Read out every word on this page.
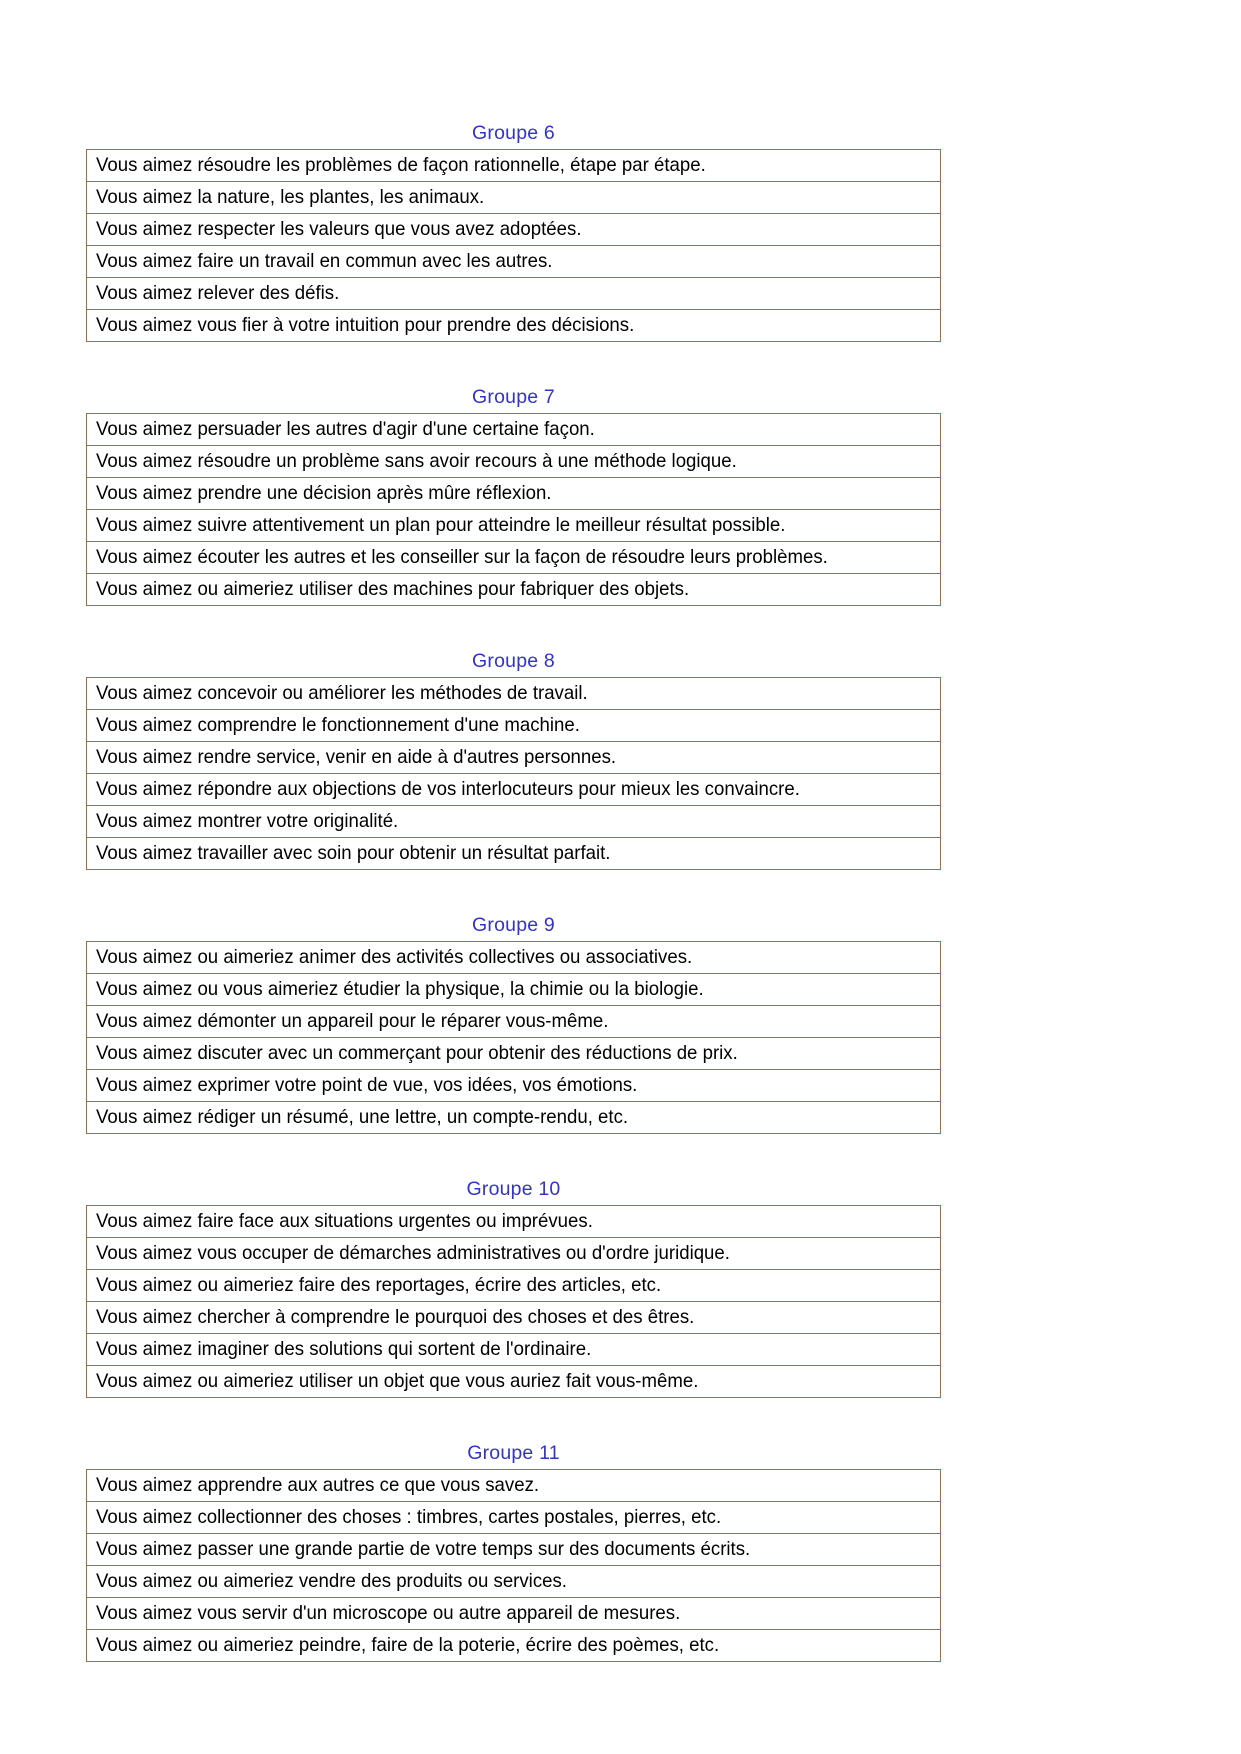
Groupe 6
Vous aimez résoudre les problèmes de façon rationnelle, étape par étape.
Vous aimez la nature, les plantes, les animaux.
Vous aimez respecter les valeurs que vous avez adoptées.
Vous aimez faire un travail en commun avec les autres.
Vous aimez relever des défis.
Vous aimez vous fier à votre intuition pour prendre des décisions.
Groupe 7
Vous aimez persuader les autres d'agir d'une certaine façon.
Vous aimez résoudre un problème sans avoir recours à une méthode logique.
Vous aimez prendre une décision après mûre réflexion.
Vous aimez suivre attentivement un plan pour atteindre le meilleur résultat possible.
Vous aimez écouter les autres et les conseiller sur la façon de résoudre leurs problèmes.
Vous aimez ou aimeriez utiliser des machines pour fabriquer des objets.
Groupe 8
Vous aimez concevoir ou améliorer les méthodes de travail.
Vous aimez comprendre le fonctionnement d'une machine.
Vous aimez rendre service, venir en aide à d'autres personnes.
Vous aimez répondre aux objections de vos interlocuteurs pour mieux les convaincre.
Vous aimez montrer votre originalité.
Vous aimez travailler avec soin pour obtenir un résultat parfait.
Groupe 9
Vous aimez ou aimeriez animer des activités collectives ou associatives.
Vous aimez ou vous aimeriez étudier la physique, la chimie ou la biologie.
Vous aimez démonter un appareil pour le réparer vous-même.
Vous aimez discuter avec un commerçant pour obtenir des réductions de prix.
Vous aimez exprimer votre point de vue, vos idées, vos émotions.
Vous aimez rédiger un résumé, une lettre, un compte-rendu, etc.
Groupe 10
Vous aimez faire face aux situations urgentes ou imprévues.
Vous aimez vous occuper de démarches administratives ou d'ordre juridique.
Vous aimez ou aimeriez faire des reportages, écrire des articles, etc.
Vous aimez chercher à comprendre le pourquoi des choses et des êtres.
Vous aimez imaginer des solutions qui sortent de l'ordinaire.
Vous aimez ou aimeriez utiliser un objet que vous auriez fait vous-même.
Groupe 11
Vous aimez apprendre aux autres ce que vous savez.
Vous aimez collectionner des choses : timbres, cartes postales, pierres, etc.
Vous aimez passer une grande partie de votre temps sur des documents écrits.
Vous aimez ou aimeriez vendre des produits ou services.
Vous aimez vous servir d'un microscope ou autre appareil de mesures.
Vous aimez ou aimeriez peindre, faire de la poterie, écrire des poèmes, etc.
